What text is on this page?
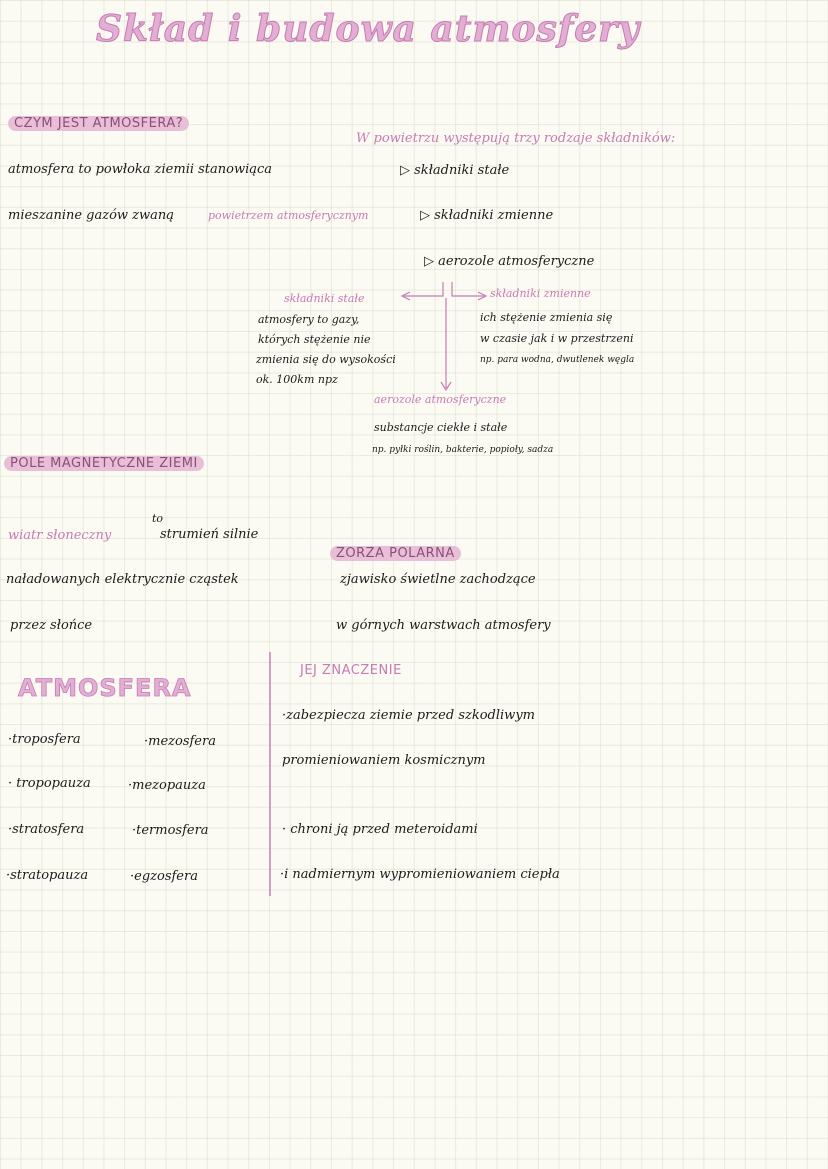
Skład i budowa atmosfery
CZYM JEST ATMOSFERA?
atmosfera to powłoka ziemii stanowiąca
mieszanine gazów zwaną	powietrzem atmosferycznym
W powietrzu występują trzy rodzaje składników:
▷ składniki stałe
▷ składniki zmienne
▷ aerozole atmosferyczne
składniki stałe
atmosfery to gazy,
których stężenie nie
zmienia się do wysokości
ok. 100km npz
składniki zmienne
ich stężenie zmienia się
w czasie jak i w przestrzeni
np. para wodna, dwutlenek węgla
aerozole atmosferyczne
substancje ciekłe i stałe
np. pyłki roślin, bakterie, popioły, sadza
POLE MAGNETYCZNE ZIEMI
wiatr słoneczny
to
strumień silnie
naładowanych elektrycznie cząstek
przez słońce
ZORZA POLARNA
zjawisko świetlne zachodzące
w górnych warstwach atmosfery
ATMOSFERA
·troposfera
· tropopauza
·stratosfera
·stratopauza
·mezosfera
·mezopauza
·termosfera
·egzosfera
JEJ ZNACZENIE
·zabezpiecza ziemie przed szkodliwym
promieniowaniem kosmicznym
· chroni ją przed meteroidami
·i nadmiernym wypromieniowaniem ciepła
